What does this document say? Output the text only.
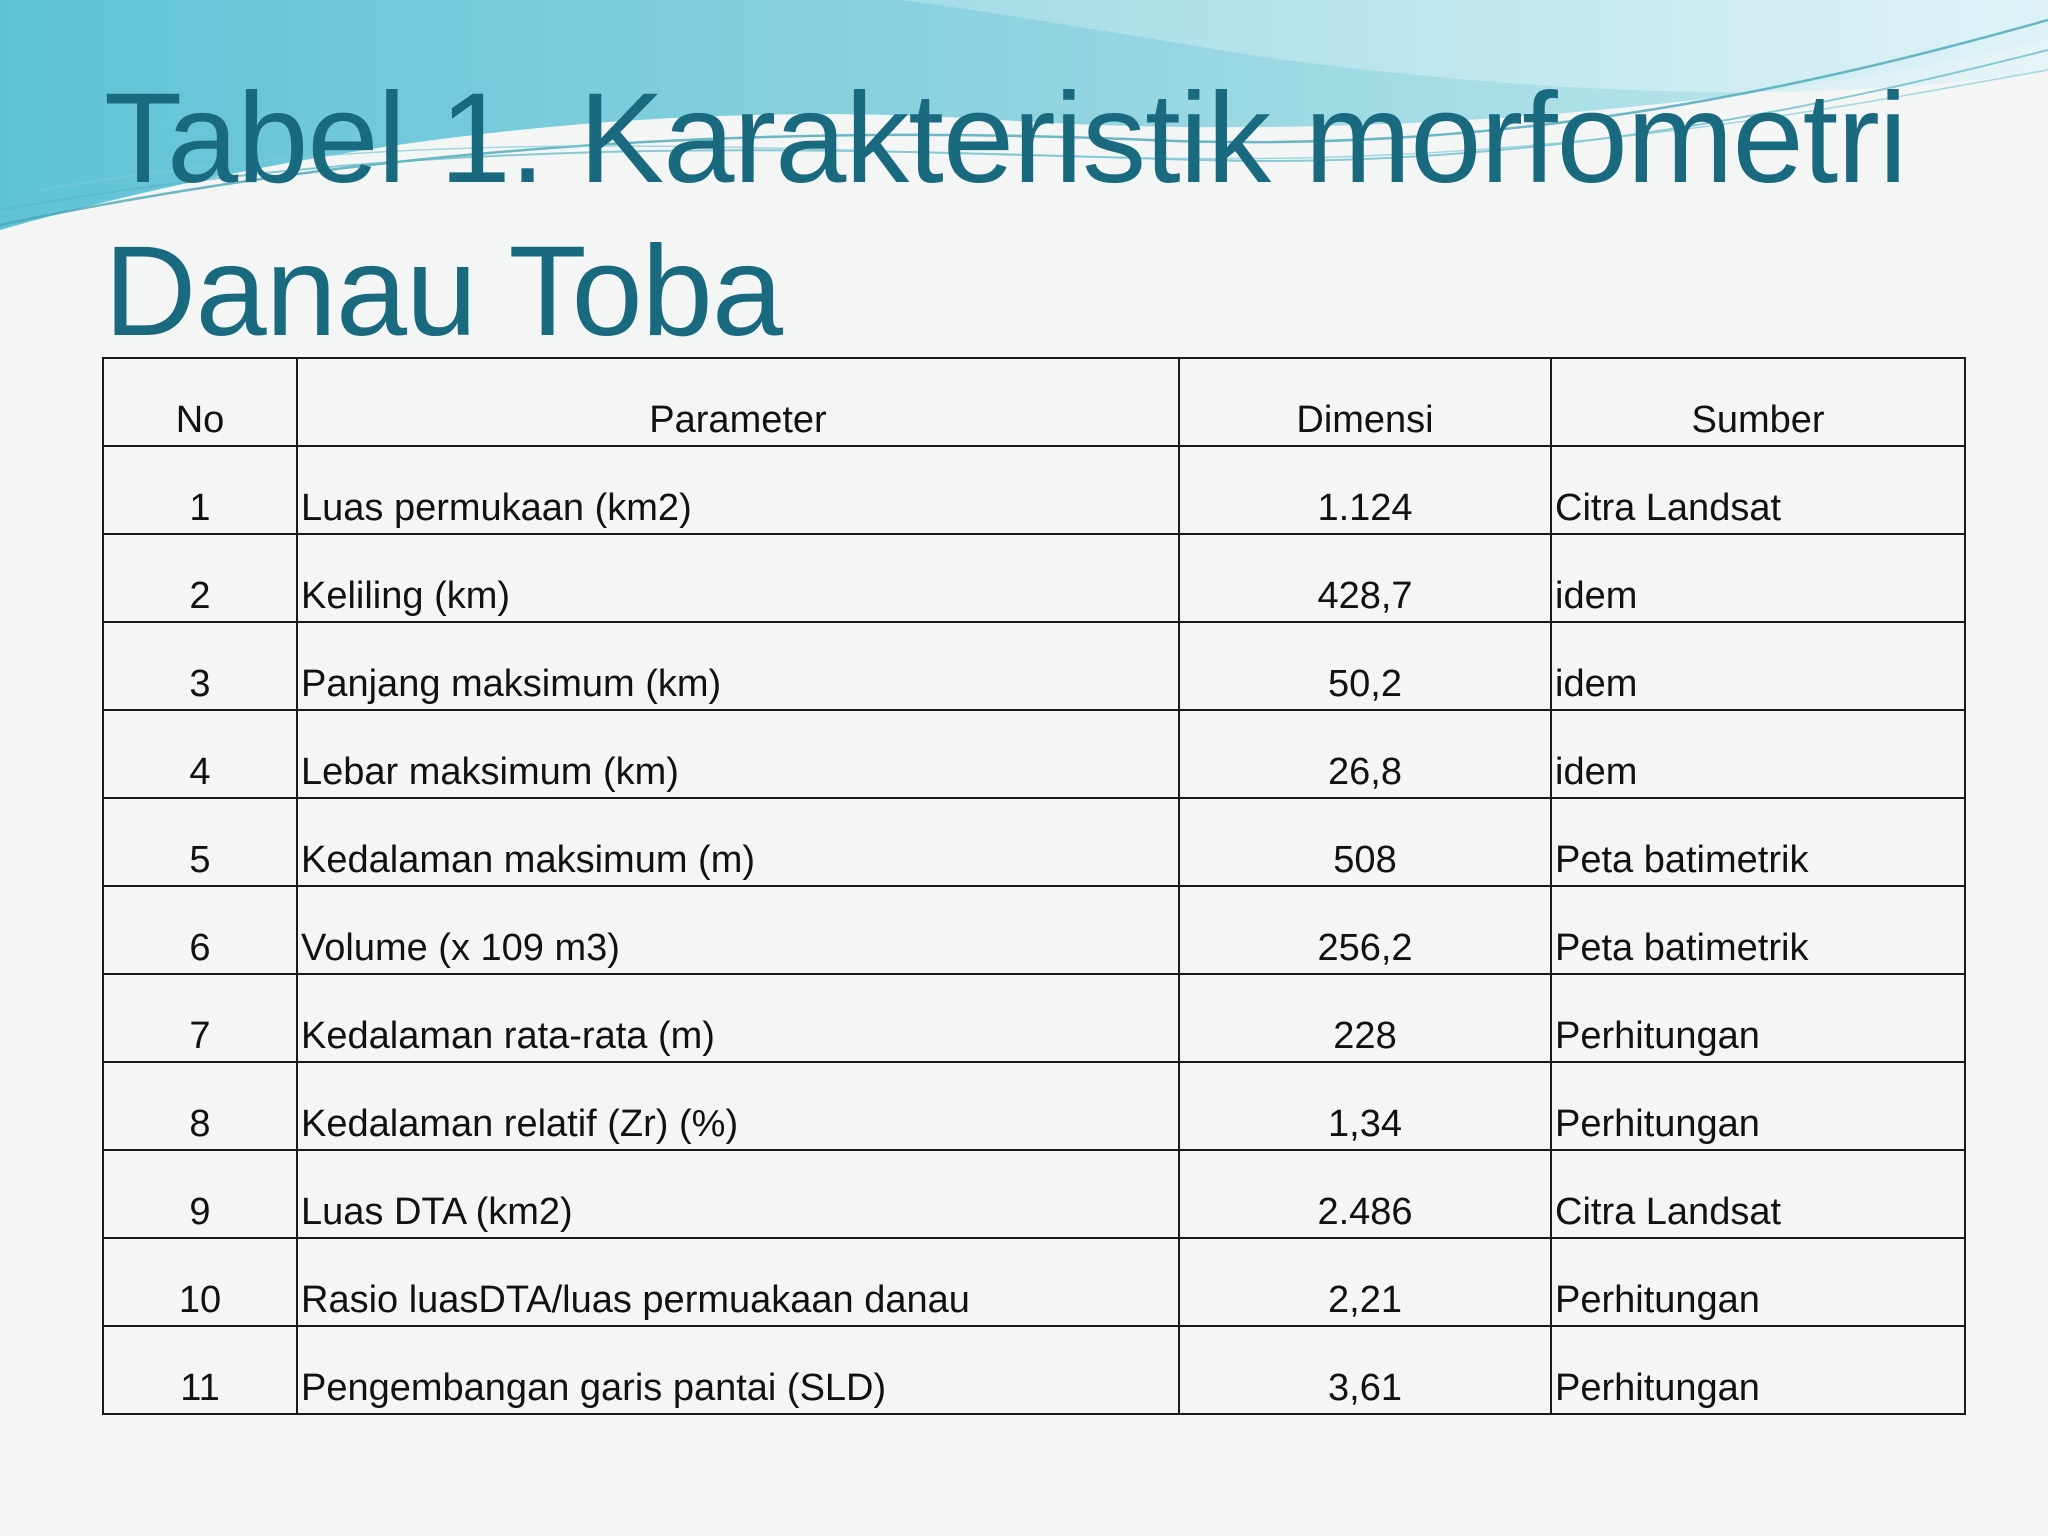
Tabel 1. Karakteristik morfometri
Danau Toba
No	Parameter	Dimensi	Sumber
1	Luas permukaan (km2)	1.124	Citra Landsat
2	Keliling (km)	428,7	idem
3	Panjang maksimum (km)	50,2	idem
4	Lebar maksimum (km)	26,8	idem
5	Kedalaman maksimum (m)	508	Peta batimetrik
6	Volume (x 109 m3)	256,2	Peta batimetrik
7	Kedalaman rata-rata (m)	228	Perhitungan
8	Kedalaman relatif (Zr) (%)	1,34	Perhitungan
9	Luas DTA (km2)	2.486	Citra Landsat
10	Rasio luasDTA/luas permuakaan danau	2,21	Perhitungan
11	Pengembangan garis pantai (SLD)	3,61	Perhitungan
